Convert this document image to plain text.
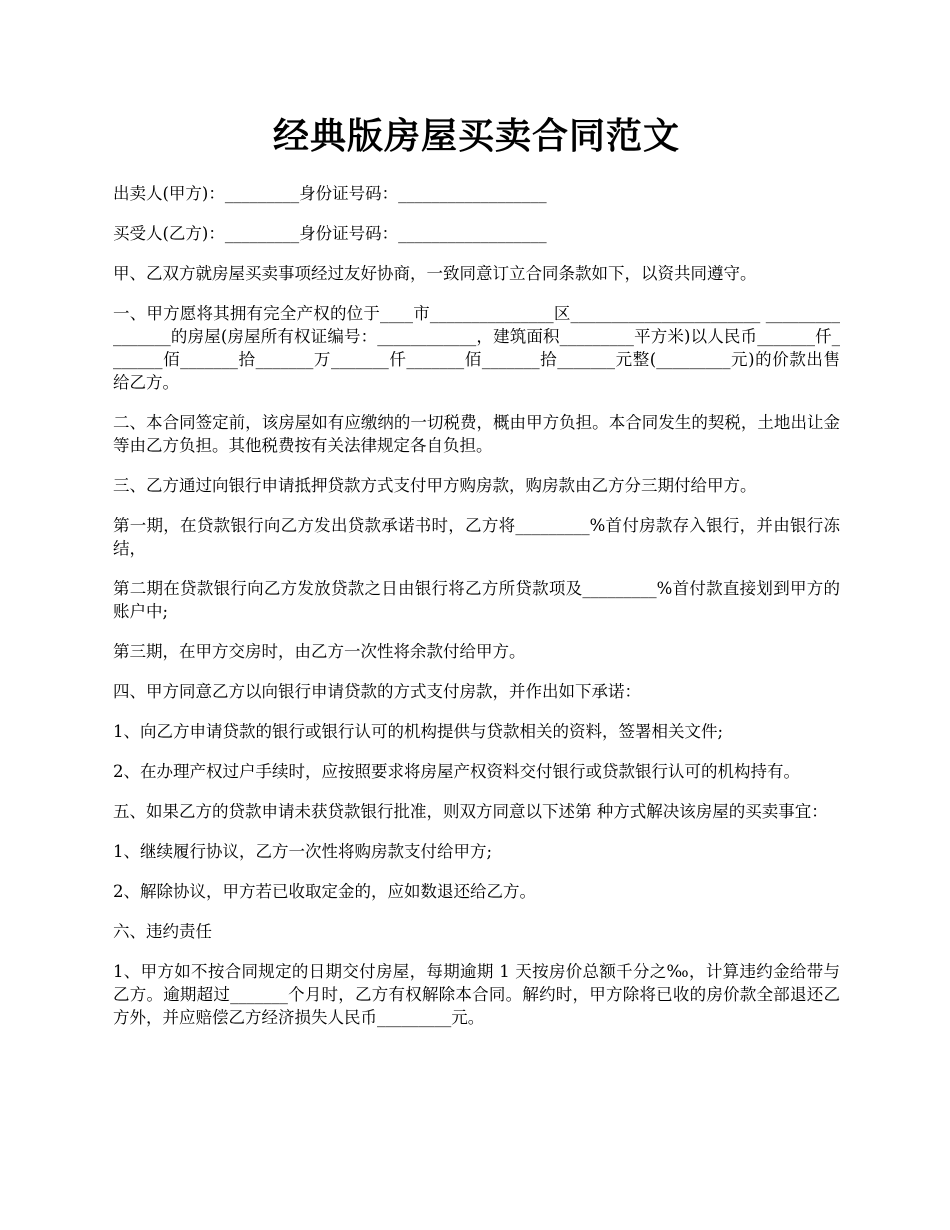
经典版房屋买卖合同范文

出卖人(甲方)：_________身份证号码：__________________

买受人(乙方)：_________身份证号码：__________________

甲、乙双方就房屋买卖事项经过友好协商，一致同意订立合同条款如下，以资共同遵守。

一、甲方愿将其拥有完全产权的位于____市_______________区_______________________ ________________的房屋(房屋所有权证编号：____________，建筑面积_________平方米)以人民币_______仟_______佰_______拾_______万_______仟_______佰_______拾_______元整(_________元)的价款出售给乙方。

二、本合同签定前，该房屋如有应缴纳的一切税费，概由甲方负担。本合同发生的契税，土地出让金等由乙方负担。其他税费按有关法律规定各自负担。

三、乙方通过向银行申请抵押贷款方式支付甲方购房款，购房款由乙方分三期付给甲方。

第一期，在贷款银行向乙方发出贷款承诺书时，乙方将_________%首付房款存入银行，并由银行冻结，

第二期在贷款银行向乙方发放贷款之日由银行将乙方所贷款项及_________%首付款直接划到甲方的账户中;

第三期，在甲方交房时，由乙方一次性将余款付给甲方。

四、甲方同意乙方以向银行申请贷款的方式支付房款，并作出如下承诺：

1、向乙方申请贷款的银行或银行认可的机构提供与贷款相关的资料，签署相关文件;

2、在办理产权过户手续时，应按照要求将房屋产权资料交付银行或贷款银行认可的机构持有。

五、如果乙方的贷款申请未获贷款银行批准，则双方同意以下述第 种方式解决该房屋的买卖事宜：

1、继续履行协议，乙方一次性将购房款支付给甲方;

2、解除协议，甲方若已收取定金的，应如数退还给乙方。

六、违约责任

1、甲方如不按合同规定的日期交付房屋，每期逾期 1 天按房价总额千分之‰，计算违约金给带与乙方。逾期超过_______个月时，乙方有权解除本合同。解约时，甲方除将已收的房价款全部退还乙方外，并应赔偿乙方经济损失人民币_________元。
